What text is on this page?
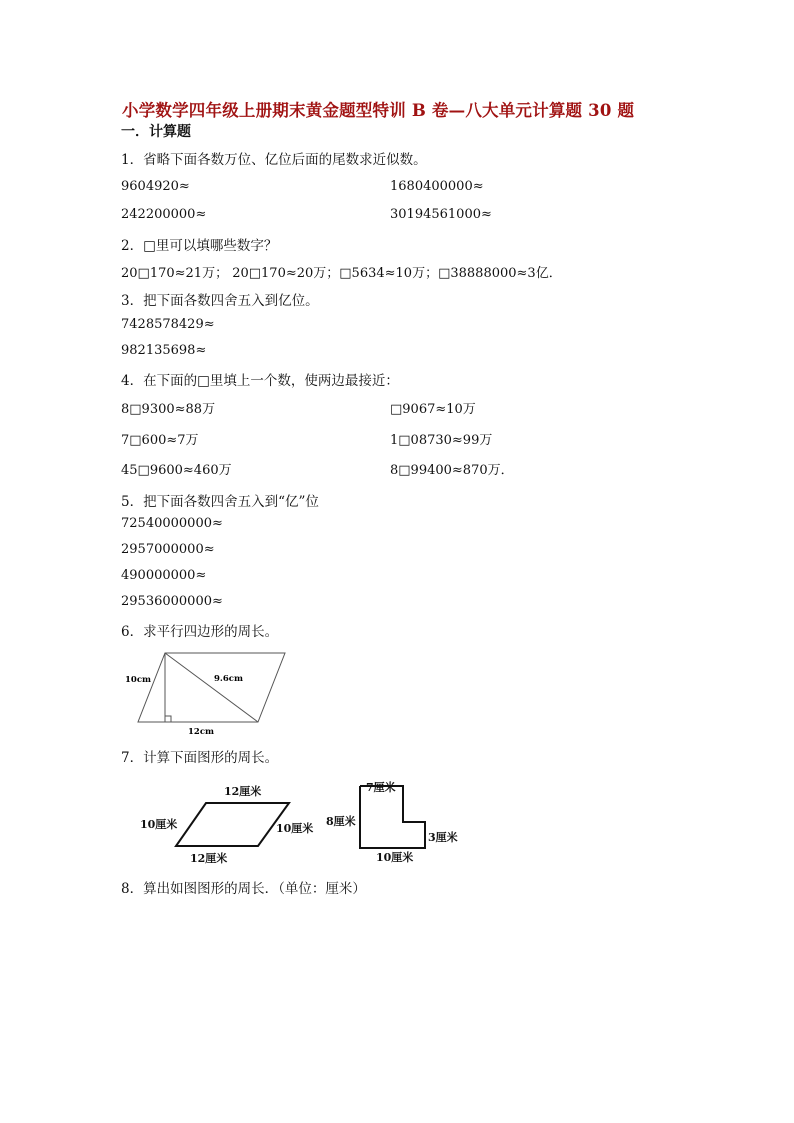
小学数学四年级上册期末黄金题型特训 B 卷—八大单元计算题 30 题
一．计算题
1．省略下面各数万位、亿位后面的尾数求近似数。
9604920≈	1680400000≈
242200000≈	30194561000≈
2．□里可以填哪些数字？
20□170≈21万； 20□170≈20万；□5634≈10万；□38888000≈3亿．
3．把下面各数四舍五入到亿位。
7428578429≈
982135698≈
4．在下面的□里填上一个数，使两边最接近：
8□9300≈88万	□9067≈10万
7□600≈7万	1□08730≈99万
45□9600≈460万	8□99400≈870万．
5．把下面各数四舍五入到“亿”位
72540000000≈
2957000000≈
490000000≈
29536000000≈
6．求平行四边形的周长。
10cm	9.6cm
12cm
7．计算下面图形的周长。
12厘米
12厘米
10厘米	10厘米
7厘米
8厘米
3厘米
10厘米
8．算出如图图形的周长．（单位：厘米）
